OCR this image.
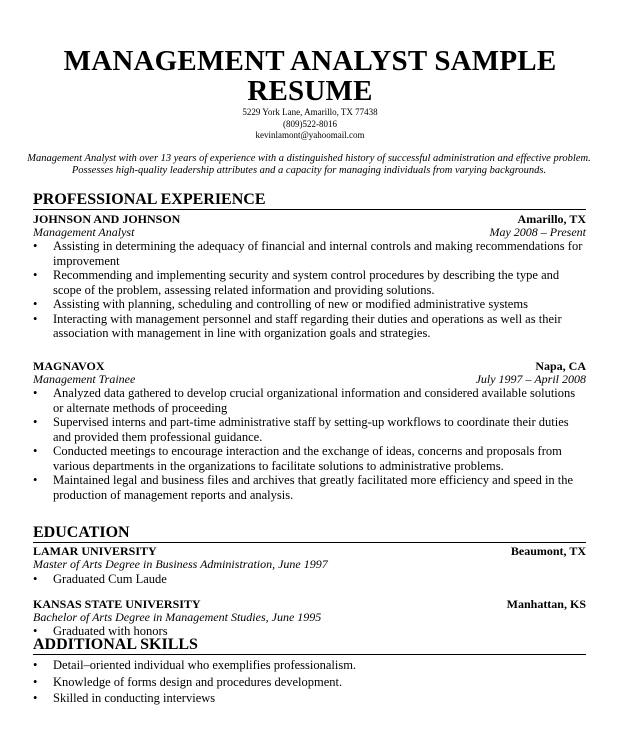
MANAGEMENT ANALYST SAMPLE
RESUME
5229 York Lane, Amarillo, TX 77438
(809)522-8016
kevinlamont@yahoomail.com
Management Analyst with over 13 years of experience with a distinguished history of successful administration and effective problem. Possesses high-quality leadership attributes and a capacity for managing individuals from varying backgrounds.
PROFESSIONAL EXPERIENCE
JOHNSON AND JOHNSON	Amarillo, TX
Management Analyst	May 2008 – Present
• Assisting in determining the adequacy of financial and internal controls and making recommendations for improvement
• Recommending and implementing security and system control procedures by describing the type and scope of the problem, assessing related information and providing solutions.
• Assisting with planning, scheduling and controlling of new or modified administrative systems
• Interacting with management personnel and staff regarding their duties and operations as well as their association with management in line with organization goals and strategies.
MAGNAVOX	Napa, CA
Management Trainee	July 1997 – April 2008
• Analyzed data gathered to develop crucial organizational information and considered available solutions or alternate methods of proceeding
• Supervised interns and part-time administrative staff by setting-up workflows to coordinate their duties and provided them professional guidance.
• Conducted meetings to encourage interaction and the exchange of ideas, concerns and proposals from various departments in the organizations to facilitate solutions to administrative problems.
• Maintained legal and business files and archives that greatly facilitated more efficiency and speed in the production of management reports and analysis.
EDUCATION
LAMAR UNIVERSITY	Beaumont, TX
Master of Arts Degree in Business Administration, June 1997
• Graduated Cum Laude
KANSAS STATE UNIVERSITY	Manhattan, KS
Bachelor of Arts Degree in Management Studies, June 1995
• Graduated with honors
ADDITIONAL SKILLS
• Detail–oriented individual who exemplifies professionalism.
• Knowledge of forms design and procedures development.
• Skilled in conducting interviews
